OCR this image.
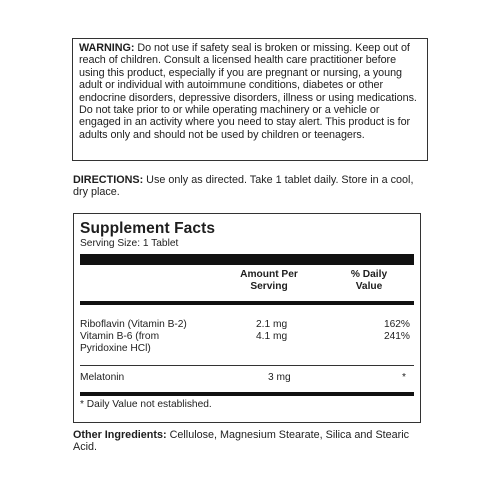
WARNING: Do not use if safety seal is broken or missing. Keep out of reach of children. Consult a licensed health care practitioner before using this product, especially if you are pregnant or nursing, a young adult or individual with autoimmune conditions, diabetes or other endocrine disorders, depressive disorders, illness or using medications. Do not take prior to or while operating machinery or a vehicle or engaged in an activity where you need to stay alert. This product is for adults only and should not be used by children or teenagers.
DIRECTIONS: Use only as directed. Take 1 tablet daily. Store in a cool, dry place.
Supplement Facts
Serving Size: 1 Tablet
Amount Per
Serving
% Daily
Value
Riboflavin (Vitamin B-2)	2.1 mg	162%
Vitamin B-6 (from	4.1 mg	241%
Pyridoxine HCl)
Melatonin	3 mg	*
* Daily Value not established.
Other Ingredients: Cellulose, Magnesium Stearate, Silica and Stearic Acid.
